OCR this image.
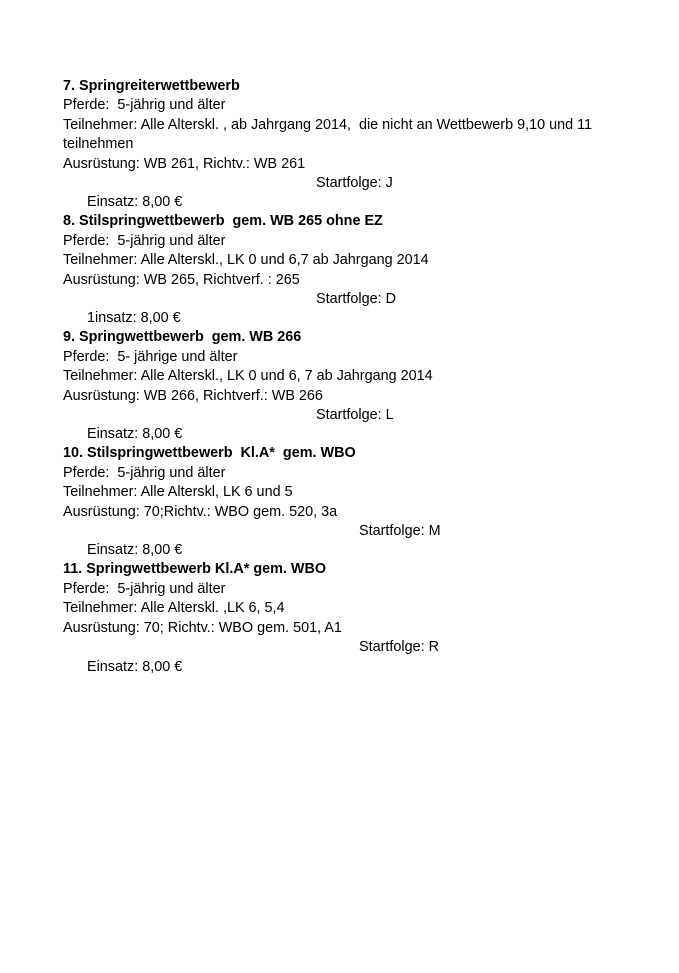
7. Springreiterwettbewerb
Pferde:  5-jährig und älter
Teilnehmer: Alle Alterskl. , ab Jahrgang 2014,  die nicht an Wettbewerb 9,10 und 11 teilnehmen
Ausrüstung: WB 261, Richtv.: WB 261

Einsatz: 8,00 €

Startfolge: J

8. Stilspringwettbewerb  gem. WB 265 ohne EZ
Pferde:  5-jährig und älter
Teilnehmer: Alle Alterskl., LK 0 und 6,7 ab Jahrgang 2014
Ausrüstung: WB 265, Richtverf. : 265

1insatz: 8,00 €

Startfolge: D

9. Springwettbewerb  gem. WB 266
Pferde:  5- jährige und älter
Teilnehmer: Alle Alterskl., LK 0 und 6, 7 ab Jahrgang 2014
Ausrüstung: WB 266, Richtverf.: WB 266

Einsatz: 8,00 €

Startfolge: L

10. Stilspringwettbewerb  Kl.A*  gem. WBO
Pferde:  5-jährig und älter
Teilnehmer: Alle Alterskl, LK 6 und 5
Ausrüstung: 70;Richtv.: WBO gem. 520, 3a

Einsatz: 8,00 €

Startfolge: M

11. Springwettbewerb Kl.A* gem. WBO
Pferde:  5-jährig und älter
Teilnehmer: Alle Alterskl. ,LK 6, 5,4
Ausrüstung: 70; Richtv.: WBO gem. 501, A1

Einsatz: 8,00 €

Startfolge: R
